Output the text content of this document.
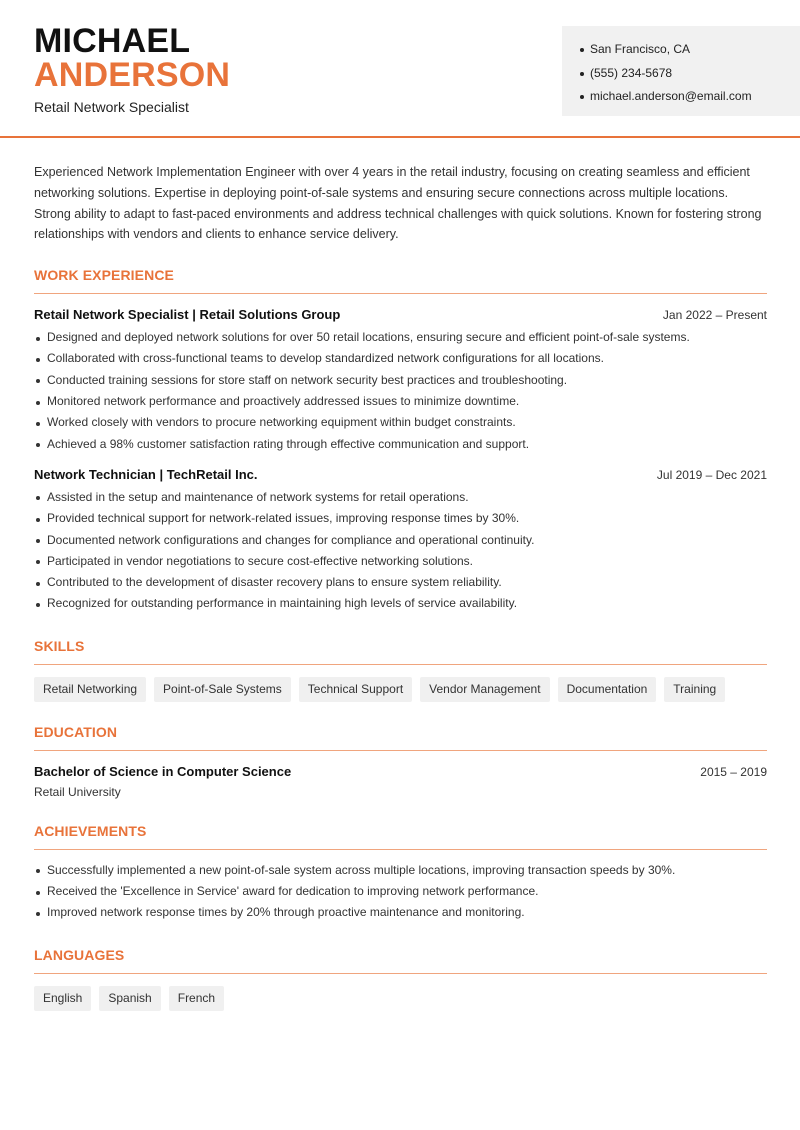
MICHAEL
ANDERSON
Retail Network Specialist
San Francisco, CA
(555) 234-5678
michael.anderson@email.com

Experienced Network Implementation Engineer with over 4 years in the retail industry, focusing on creating seamless and efficient networking solutions. Expertise in deploying point-of-sale systems and ensuring secure connections across multiple locations. Strong ability to adapt to fast-paced environments and address technical challenges with quick solutions. Known for fostering strong relationships with vendors and clients to enhance service delivery.

WORK EXPERIENCE
Retail Network Specialist | Retail Solutions Group	Jan 2022 – Present
Designed and deployed network solutions for over 50 retail locations, ensuring secure and efficient point-of-sale systems.
Collaborated with cross-functional teams to develop standardized network configurations for all locations.
Conducted training sessions for store staff on network security best practices and troubleshooting.
Monitored network performance and proactively addressed issues to minimize downtime.
Worked closely with vendors to procure networking equipment within budget constraints.
Achieved a 98% customer satisfaction rating through effective communication and support.
Network Technician | TechRetail Inc.	Jul 2019 – Dec 2021
Assisted in the setup and maintenance of network systems for retail operations.
Provided technical support for network-related issues, improving response times by 30%.
Documented network configurations and changes for compliance and operational continuity.
Participated in vendor negotiations to secure cost-effective networking solutions.
Contributed to the development of disaster recovery plans to ensure system reliability.
Recognized for outstanding performance in maintaining high levels of service availability.
SKILLS
Retail Networking	Point-of-Sale Systems	Technical Support	Vendor Management	Documentation	Training
EDUCATION
Bachelor of Science in Computer Science	2015 – 2019
Retail University
ACHIEVEMENTS
Successfully implemented a new point-of-sale system across multiple locations, improving transaction speeds by 30%.
Received the 'Excellence in Service' award for dedication to improving network performance.
Improved network response times by 20% through proactive maintenance and monitoring.
LANGUAGES
English	Spanish	French
